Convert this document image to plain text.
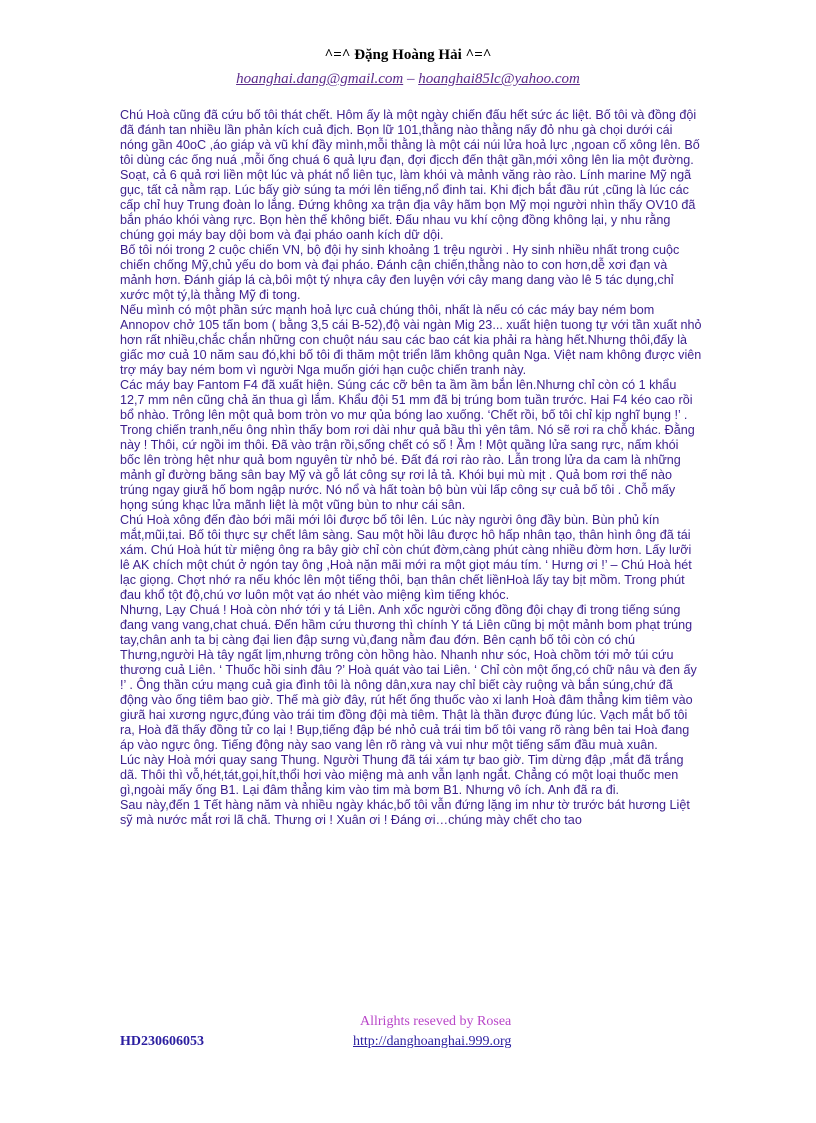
^=^ Đặng Hoàng Hải ^=^
hoanghai.dang@gmail.com – hoanghai85lc@yahoo.com

Chú Hoà cũng đã cứu bố tôi thát chết. Hôm ấy là một ngày chiến đấu hết sức ác liệt. Bố tôi và đồng đội đã đánh tan nhiều lần phản kích cuả địch. Bọn lữ 101,thằng nào thằng nấy đỏ nhu gà chọi dưới cái nóng gần 40oC ,áo giáp và vũ khí đầy mình,mỗi thằng là một cái núi lửa hoả lực ,ngoan cố xông lên. Bố tôi dùng các ống nuá ,mỗi ống chuá 6 quả lựu đạn, đợi địcch đến thật gần,mới xông lên lia một đường. Soạt, cả 6 quả rơi liền một lúc và phát nổ liên tục, làm khói và mảnh văng rào rào. Lính marine Mỹ ngã gục, tất cả nằm rạp. Lúc bấy giờ súng ta mới lên tiếng,nổ đinh tai. Khi địch bắt đầu rút ,cũng là lúc các cấp chỉ huy Trung đoàn lo lắng. Đứng không xa trận địa vây hãm bọn Mỹ mọi người nhìn thấy OV10 đã bắn pháo khói vàng rực. Bọn hèn thế không biết. Đấu nhau vu khí cộng đồng không lại, y nhu rằng chúng gọi máy bay dội bom và đại pháo oanh kích dữ dội.

Bố tôi nói trong 2 cuộc chiến VN, bộ đội hy sinh khoảng 1 trệu người . Hy sinh nhiều nhất trong cuộc chiến chống Mỹ,chủ yếu do bom và đại pháo. Đánh cận chiến,thằng nào to con hơn,dễ xơi đạn và mảnh hơn. Đánh giáp lá cà,bôi một tý nhựa cây đen luyện với cây mang dang vào lê 5 tác dụng,chỉ xước một tý,là thằng Mỹ đi tong.

Nếu mình có một phần sức mạnh hoả lực cuả chúng thôi, nhất là nếu có các máy bay ném bom Annopov chở 105 tấn bom ( bằng 3,5 cái B-52),độ vài ngàn Mig 23... xuất hiện tuong tự với tần xuất nhỏ hơn rất nhiều,chắc chắn những con chuột náu sau các bao cát kia phải ra hàng hết.Nhưng thôi,đấy là giấc mơ cuả 10 năm sau đó,khi bố tôi đi thăm một triển lãm không quân Nga. Việt nam không được viên trợ máy bay ném bom vì người Nga muốn giới hạn cuộc chiến tranh này.

Các máy bay Fantom F4 đã xuất hiện. Súng các cỡ bên ta ầm ầm bắn lên.Nhưng chỉ còn có 1 khẩu 12,7 mm nên cũng chả ăn thua gì lắm. Khẩu đội 51 mm đã bị trúng bom tuần trước. Hai F4 kéo cao rồi bổ nhào. Trông lên một quả bom tròn vo mư qủa bóng lao xuống. ‘Chết rồi, bố tôi chỉ kịp nghĩ bụng !’ . Trong chiến tranh,nếu ông nhìn thấy bom rơi dài như quả bầu thì yên tâm. Nó sẽ rơi ra chỗ khác. Đằng này ! Thôi, cứ ngồi im thôi. Đã vào trận rồi,sống chết có số ! Ầm ! Một quầng lửa sang rực, nấm khói bốc lên tròng hệt như quả bom nguyên từ nhỏ bé. Đất đá rơi rào rào. Lẫn trong lửa da cam là những mảnh gỉ đường băng sân bay Mỹ và gỗ lát công sự rơi lả tả. Khói bụi mù mịt . Quả bom rơi thế nào trúng ngay giưã hố bom ngập nước. Nó nổ và hất toàn bộ bùn vùi lấp công sự cuả bố tôi . Chỗ mấy họng súng khạc lửa mãnh liệt là một vũng bùn to như cái sân.

Chú Hoà xông đến đào bới mãi mới lôi được bố tôi lên. Lúc này người ông đầy bùn. Bùn phủ kín mắt,mũi,tai. Bố tôi thực sự chết lâm sàng. Sau một hồi lâu được hô hấp nhân tạo, thân hình ông đã tái xám. Chú Hoà hút từ miệng ông ra bây giờ chỉ còn chút đờm,càng phút càng nhiều đờm hơn. Lấy lưỡi lê AK chích một chút ở ngón tay ông ,Hoà nặn mãi mới ra một giọt máu tím. ‘ Hưng ơi !’ – Chú Hoà hét lạc giọng. Chợt nhớ ra nếu khóc lên một tiếng thôi, bạn thân chết liềnHoà lấy tay bịt mồm. Trong phút đau khổ tột độ,chú vơ luôn một vạt áo nhét vào miệng kìm tiếng khóc.

Nhưng, Lạy Chuá ! Hoà còn nhớ tới y tá Liên. Anh xốc người cõng đồng đội chạy đi trong tiếng súng đang vang vang,chat chuá. Đến hầm cứu thương thì chính Y tá Liên cũng bị một mảnh bom phạt trúng tay,chân anh ta bị càng đại lien đập sưng vù,đang nằm đau đớn. Bên cạnh bố tôi còn có chú Thưng,người Hà tây ngất lịm,nhưng trông còn hồng hào. Nhanh như sóc, Hoà chồm tới mở túi cứu thương cuả Liên. ‘ Thuốc hồi sinh đâu ?’ Hoà quát vào tai Liên. ‘ Chỉ còn một ống,có chữ nâu và đen ấy !’ . Ông thần cứu mạng cuả gia đình tôi là nông dân,xưa nay chỉ biết cày ruộng và bắn súng,chứ đã động vào ống tiêm bao giờ. Thế mà giờ đây, rút hết ống thuốc vào xi lanh Hoà đâm thẳng kim tiêm vào giưã hai xương ngực,đúng vào trái tim đồng đội mà tiêm. Thật là thần được đúng lúc. Vạch mắt bố tôi ra, Hoà đã thấy đồng tử co lại ! Bụp,tiếng đập bé nhỏ cuả trái tim bố tôi vang rõ ràng bên tai Hoà đang áp vào ngực ông. Tiếng động này sao vang lên rõ ràng và vui như một tiếng sấm đầu muà xuân.

Lúc này Hoà mới quay sang Thung. Người Thung đã tái xám tự bao giờ. Tim dừng đập ,mắt đã trắng dã. Thôi thì vỗ,hét,tát,gọi,hít,thổi hơi vào miệng mà anh vẫn lạnh ngắt. Chẳng có một loại thuốc men gì,ngoài mấy ống B1. Lại đâm thẳng kim vào tim mà bơm B1. Nhưng vô ích. Anh đã ra đi.

Sau này,đến 1 Tết hàng năm và nhiều ngày khác,bố tôi vẫn đứng lặng im như tờ trước bát hương Liệt sỹ mà nước mắt rơi lã chã. Thưng ơi ! Xuân ơi ! Đáng ơi…chúng mày chết cho tao

Allrights reseved by Rosea
HD230606053	http://danghoanghai.999.org
